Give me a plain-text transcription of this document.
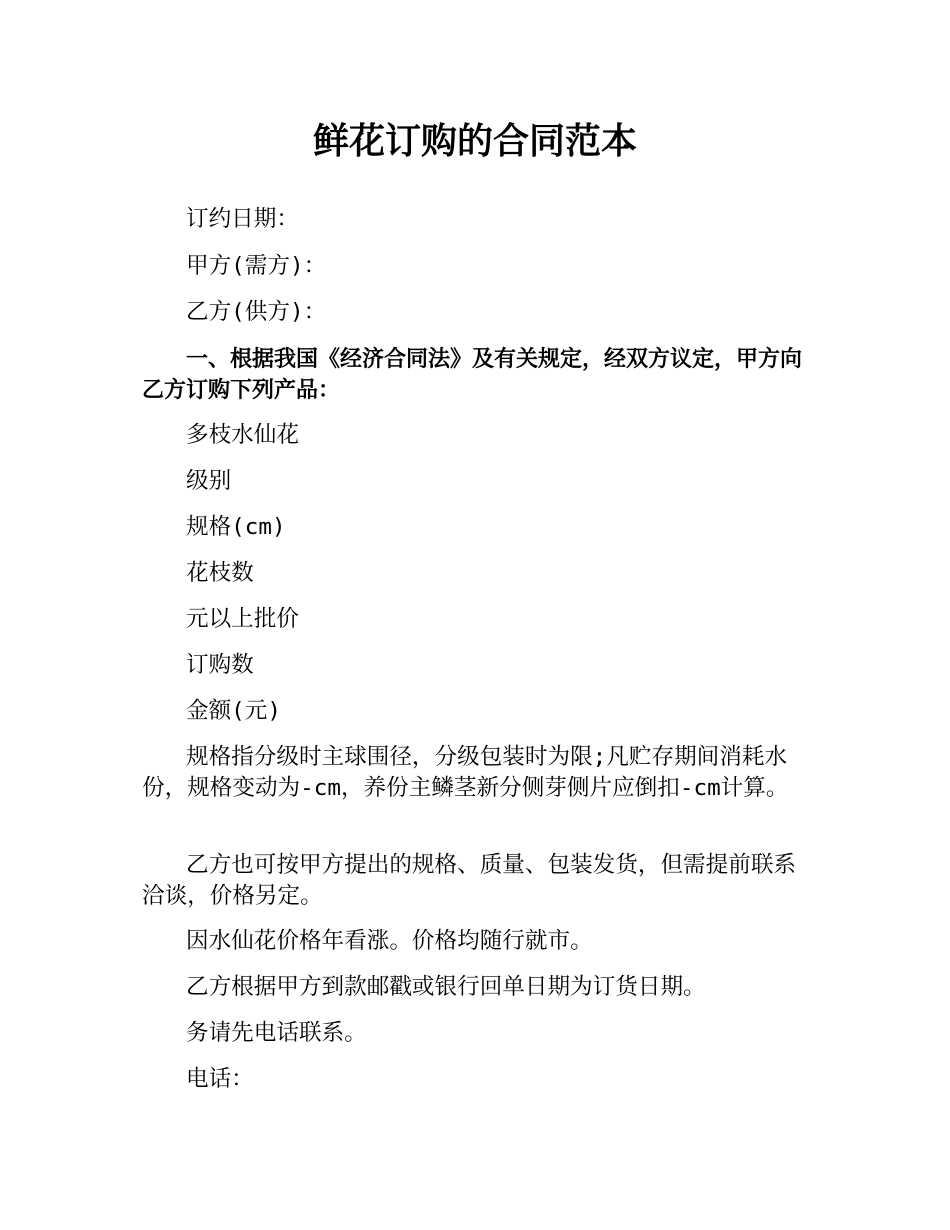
鲜花订购的合同范本

订约日期：

甲方(需方)：

乙方(供方)：

一、根据我国《经济合同法》及有关规定，经双方议定，甲方向乙方订购下列产品：

多枝水仙花

级别

规格(cm)

花枝数

元以上批价

订购数

金额(元)

规格指分级时主球围径，分级包装时为限;凡贮存期间消耗水份，规格变动为-cm，养份主鳞茎新分侧芽侧片应倒扣-cm计算。

乙方也可按甲方提出的规格、质量、包装发货，但需提前联系洽谈，价格另定。

因水仙花价格年看涨。价格均随行就市。

乙方根据甲方到款邮戳或银行回单日期为订货日期。

务请先电话联系。

电话：
